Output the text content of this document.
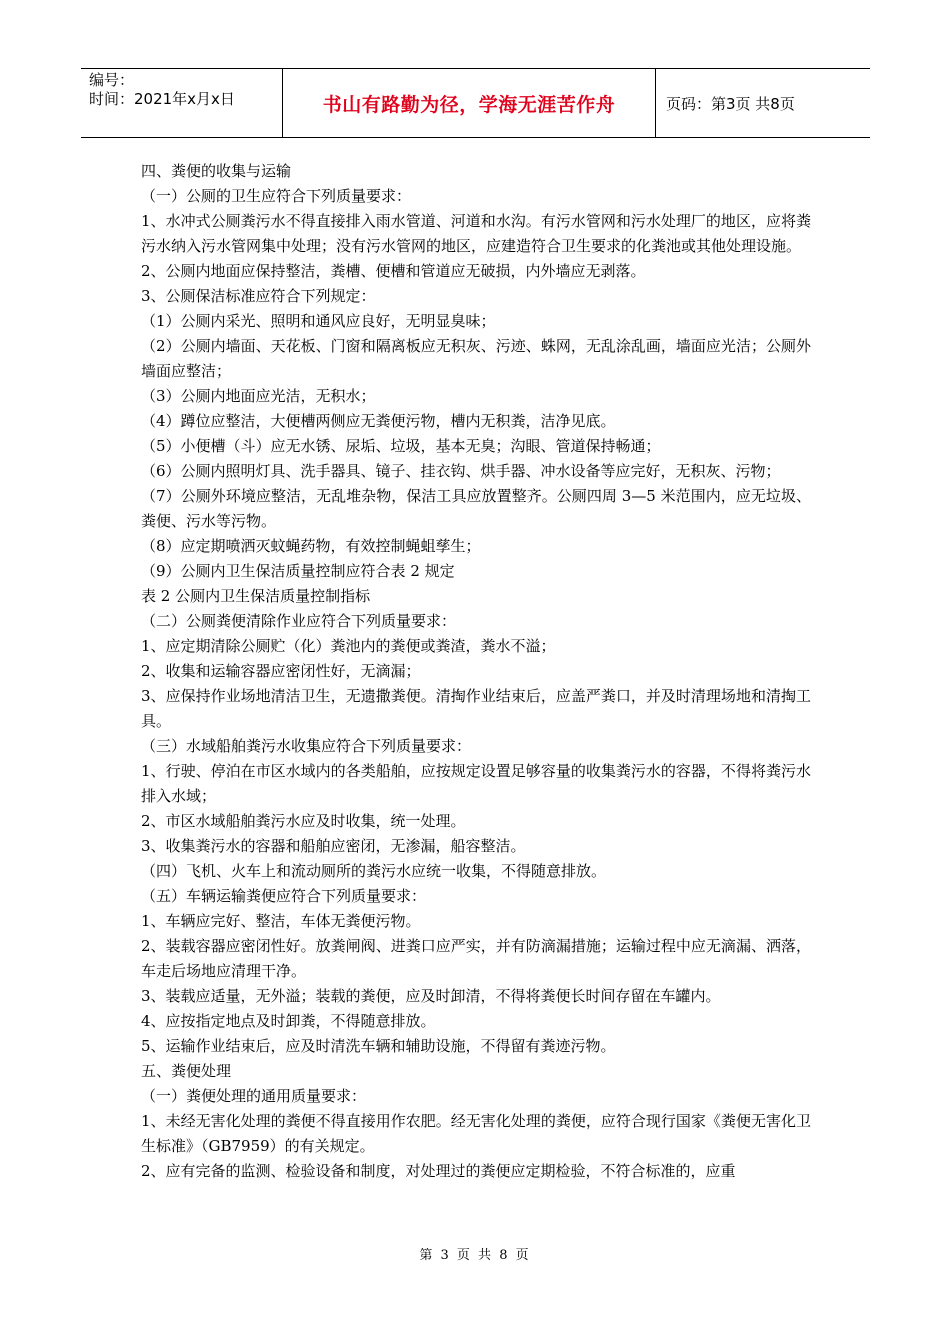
编号：
时间：2021年x月x日	书山有路勤为径，学海无涯苦作舟	页码：第3页 共8页

四、粪便的收集与运输

（一）公厕的卫生应符合下列质量要求：

1、水冲式公厕粪污水不得直接排入雨水管道、河道和水沟。有污水管网和污水处理厂的地区，应将粪污水纳入污水管网集中处理；没有污水管网的地区，应建造符合卫生要求的化粪池或其他处理设施。

2、公厕内地面应保持整洁，粪槽、便槽和管道应无破损，内外墙应无剥落。

3、公厕保洁标准应符合下列规定：

（1）公厕内采光、照明和通风应良好，无明显臭味；

（2）公厕内墙面、天花板、门窗和隔离板应无积灰、污迹、蛛网，无乱涂乱画，墙面应光洁；公厕外墙面应整洁；

（3）公厕内地面应光洁，无积水；

（4）蹲位应整洁，大便槽两侧应无粪便污物，槽内无积粪，洁净见底。

（5）小便槽（斗）应无水锈、尿垢、垃圾，基本无臭；沟眼、管道保持畅通；

（6）公厕内照明灯具、洗手器具、镜子、挂衣钩、烘手器、冲水设备等应完好，无积灰、污物；

（7）公厕外环境应整洁，无乱堆杂物，保洁工具应放置整齐。公厕四周 3—5 米范围内，应无垃圾、粪便、污水等污物。

（8）应定期喷洒灭蚊蝇药物，有效控制蝇蛆孳生；

（9）公厕内卫生保洁质量控制应符合表 2 规定

表 2 公厕内卫生保洁质量控制指标

（二）公厕粪便清除作业应符合下列质量要求：

1、应定期清除公厕贮（化）粪池内的粪便或粪渣，粪水不溢；

2、收集和运输容器应密闭性好，无滴漏；

3、应保持作业场地清洁卫生，无遗撒粪便。清掏作业结束后，应盖严粪口，并及时清理场地和清掏工具。

（三）水域船舶粪污水收集应符合下列质量要求：

1、行驶、停泊在市区水域内的各类船舶，应按规定设置足够容量的收集粪污水的容器，不得将粪污水排入水域；

2、市区水域船舶粪污水应及时收集，统一处理。

3、收集粪污水的容器和船舶应密闭，无渗漏，船容整洁。

（四）飞机、火车上和流动厕所的粪污水应统一收集，不得随意排放。

（五）车辆运输粪便应符合下列质量要求：

1、车辆应完好、整洁，车体无粪便污物。

2、装载容器应密闭性好。放粪闸阀、进粪口应严实，并有防滴漏措施；运输过程中应无滴漏、洒落，车走后场地应清理干净。

3、装载应适量，无外溢；装载的粪便，应及时卸清，不得将粪便长时间存留在车罐内。

4、应按指定地点及时卸粪，不得随意排放。

5、运输作业结束后，应及时清洗车辆和辅助设施，不得留有粪迹污物。

五、粪便处理

（一）粪便处理的通用质量要求：

1、未经无害化处理的粪便不得直接用作农肥。经无害化处理的粪便，应符合现行国家《粪便无害化卫生标准》（GB7959）的有关规定。

2、应有完备的监测、检验设备和制度，对处理过的粪便应定期检验，不符合标准的，应重

第 3 页 共 8 页
